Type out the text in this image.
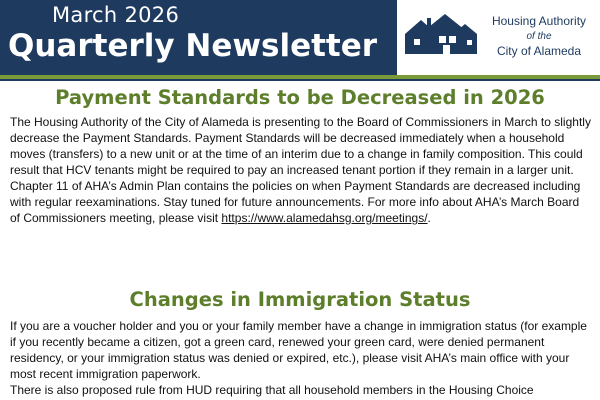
March 2026
Quarterly Newsletter
Housing Authority
of the
City of Alameda
Payment Standards to be Decreased in 2026

The Housing Authority of the City of Alameda is presenting to the Board of Commissioners in March to slightly decrease the Payment Standards. Payment Standards will be decreased immediately when a household moves (transfers) to a new unit or at the time of an interim due to a change in family composition. This could result that HCV tenants might be required to pay an increased tenant portion if they remain in a larger unit. Chapter 11 of AHA’s Admin Plan contains the policies on when Payment Standards are decreased including with regular reexaminations. Stay tuned for future announcements. For more info about AHA’s March Board of Commissioners meeting, please visit https://www.alamedahsg.org/meetings/.

Changes in Immigration Status

If you are a voucher holder and you or your family member have a change in immigration status (for example if you recently became a citizen, got a green card, renewed your green card, were denied permanent residency, or your immigration status was denied or expired, etc.), please visit AHA’s main office with your most recent immigration paperwork.

There is also proposed rule from HUD requiring that all household members in the Housing Choice
